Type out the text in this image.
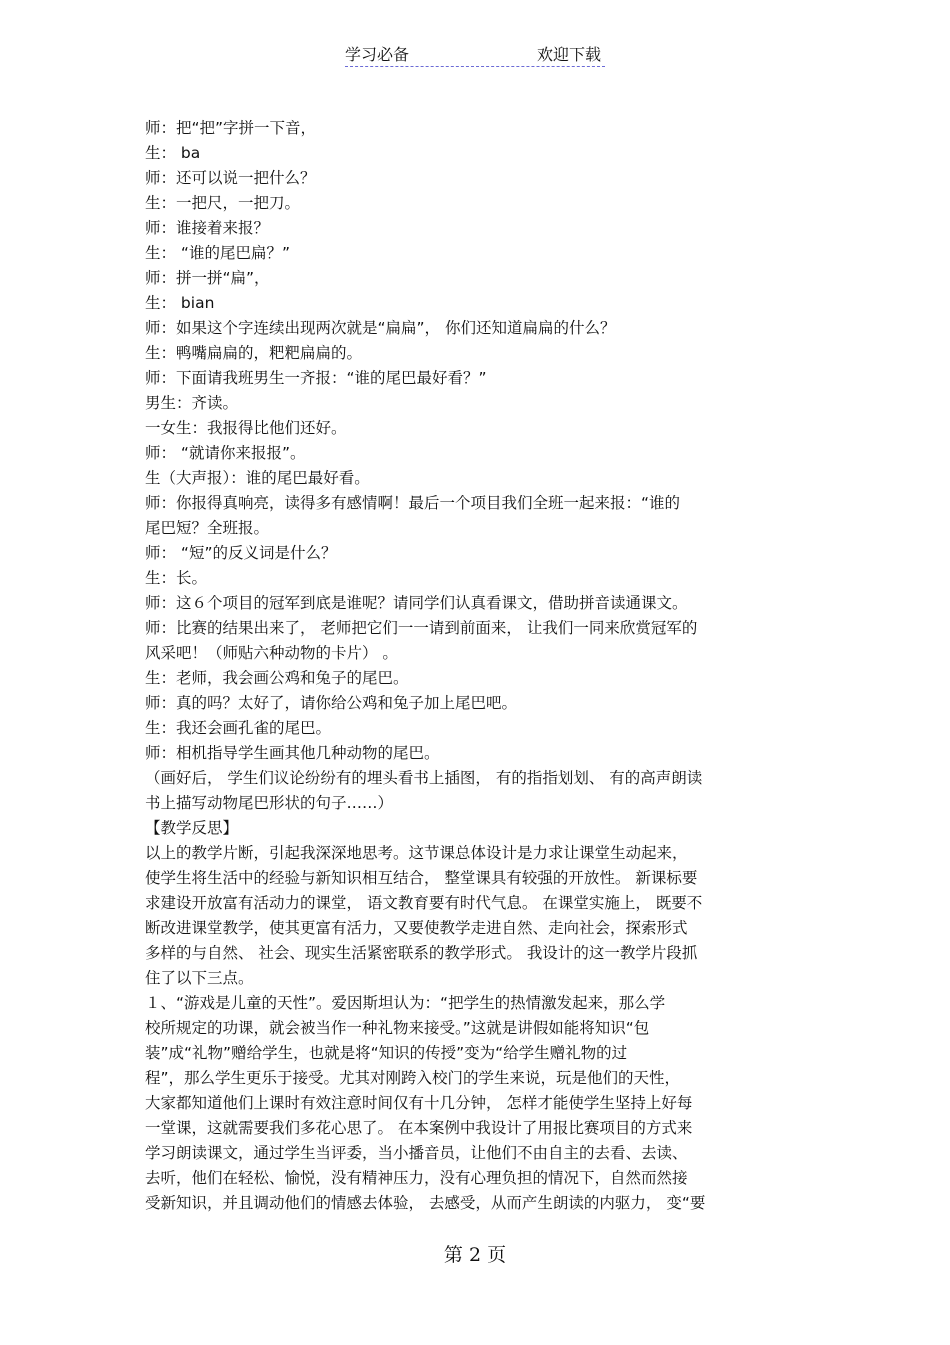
学习必备	欢迎下载
师：把“把”字拼一下音，
生： ba
师：还可以说一把什么？
生：一把尺，一把刀。
师：谁接着来报？
生： “谁的尾巴扁？”
师：拼一拼“扁”，
生： bian
师：如果这个字连续出现两次就是“扁扁”， 你们还知道扁扁的什么？
生：鸭嘴扁扁的，粑粑扁扁的。
师：下面请我班男生一齐报：“谁的尾巴最好看？”
男生：齐读。
一女生：我报得比他们还好。
师： “就请你来报报”。
生（大声报）：谁的尾巴最好看。
师：你报得真响亮，读得多有感情啊！最后一个项目我们全班一起来报：“谁的
尾巴短？全班报。
师： “短”的反义词是什么？
生：长。
师：这６个项目的冠军到底是谁呢？请同学们认真看课文，借助拼音读通课文。
师：比赛的结果出来了， 老师把它们一一请到前面来， 让我们一同来欣赏冠军的
风采吧！（师贴六种动物的卡片） 。
生：老师，我会画公鸡和兔子的尾巴。
师：真的吗？太好了，请你给公鸡和兔子加上尾巴吧。
生：我还会画孔雀的尾巴。
师：相机指导学生画其他几种动物的尾巴。
（画好后， 学生们议论纷纷有的埋头看书上插图， 有的指指划划、 有的高声朗读
书上描写动物尾巴形状的句子……）
【教学反思】
以上的教学片断，引起我深深地思考。这节课总体设计是力求让课堂生动起来，
使学生将生活中的经验与新知识相互结合， 整堂课具有较强的开放性。 新课标要
求建设开放富有活动力的课堂， 语文教育要有时代气息。 在课堂实施上， 既要不
断改进课堂教学，使其更富有活力，又要使教学走进自然、走向社会，探索形式
多样的与自然、 社会、现实生活紧密联系的教学形式。 我设计的这一教学片段抓
住了以下三点。
１、“游戏是儿童的天性”。爱因斯坦认为：“把学生的热情激发起来，那么学
校所规定的功课，就会被当作一种礼物来接受。”这就是讲假如能将知识“包
装”成“礼物”赠给学生，也就是将“知识的传授”变为“给学生赠礼物的过
程”，那么学生更乐于接受。尤其对刚跨入校门的学生来说，玩是他们的天性，
大家都知道他们上课时有效注意时间仅有十几分钟， 怎样才能使学生坚持上好每
一堂课，这就需要我们多花心思了。 在本案例中我设计了用报比赛项目的方式来
学习朗读课文，通过学生当评委，当小播音员，让他们不由自主的去看、去读、
去听，他们在轻松、愉悦，没有精神压力，没有心理负担的情况下，自然而然接
受新知识，并且调动他们的情感去体验， 去感受，从而产生朗读的内驱力， 变“要
第 2 页
